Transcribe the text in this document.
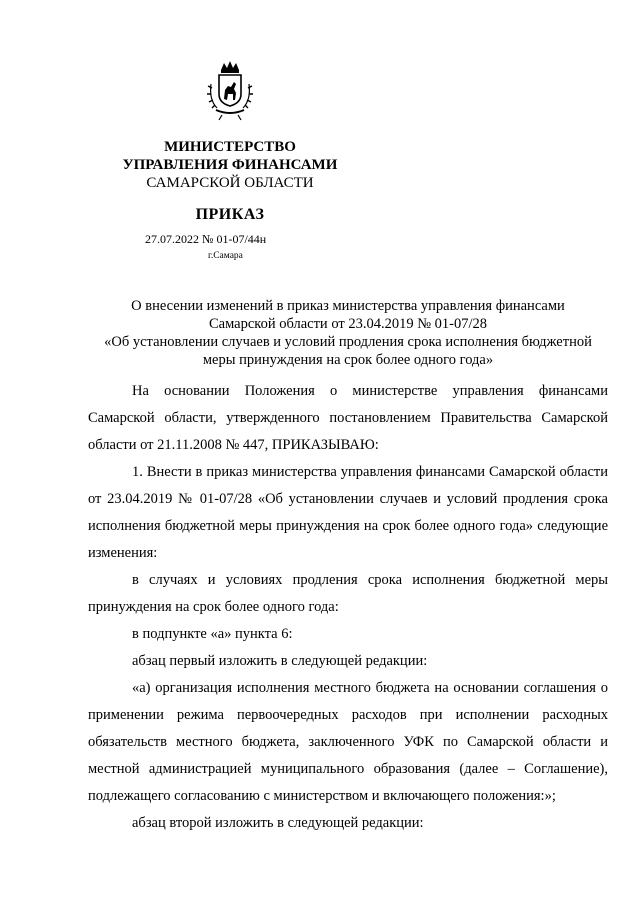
МИНИСТЕРСТВО
УПРАВЛЕНИЯ ФИНАНСАМИ
САМАРСКОЙ ОБЛАСТИ
ПРИКАЗ
27.07.2022 № 01-07/44н
г.Самара
О внесении изменений в приказ министерства управления финансами
Самарской области от 23.04.2019 № 01-07/28
«Об установлении случаев и условий продления срока исполнения бюджетной
меры принуждения на срок более одного года»

На основании Положения о министерстве управления финансами Самарской области, утвержденного постановлением Правительства Самарской области от 21.11.2008 № 447, ПРИКАЗЫВАЮ:

1. Внести в приказ министерства управления финансами Самарской области от 23.04.2019 № 01-07/28 «Об установлении случаев и условий продления срока исполнения бюджетной меры принуждения на срок более одного года» следующие изменения:

в случаях и условиях продления срока исполнения бюджетной меры принуждения на срок более одного года:

в подпункте «а» пункта 6:

абзац первый изложить в следующей редакции:

«а) организация исполнения местного бюджета на основании соглашения о применении режима первоочередных расходов при исполнении расходных обязательств местного бюджета, заключенного УФК по Самарской области и местной администрацией муниципального образования (далее – Соглашение), подлежащего согласованию с министерством и включающего положения:»;

абзац второй изложить в следующей редакции:
